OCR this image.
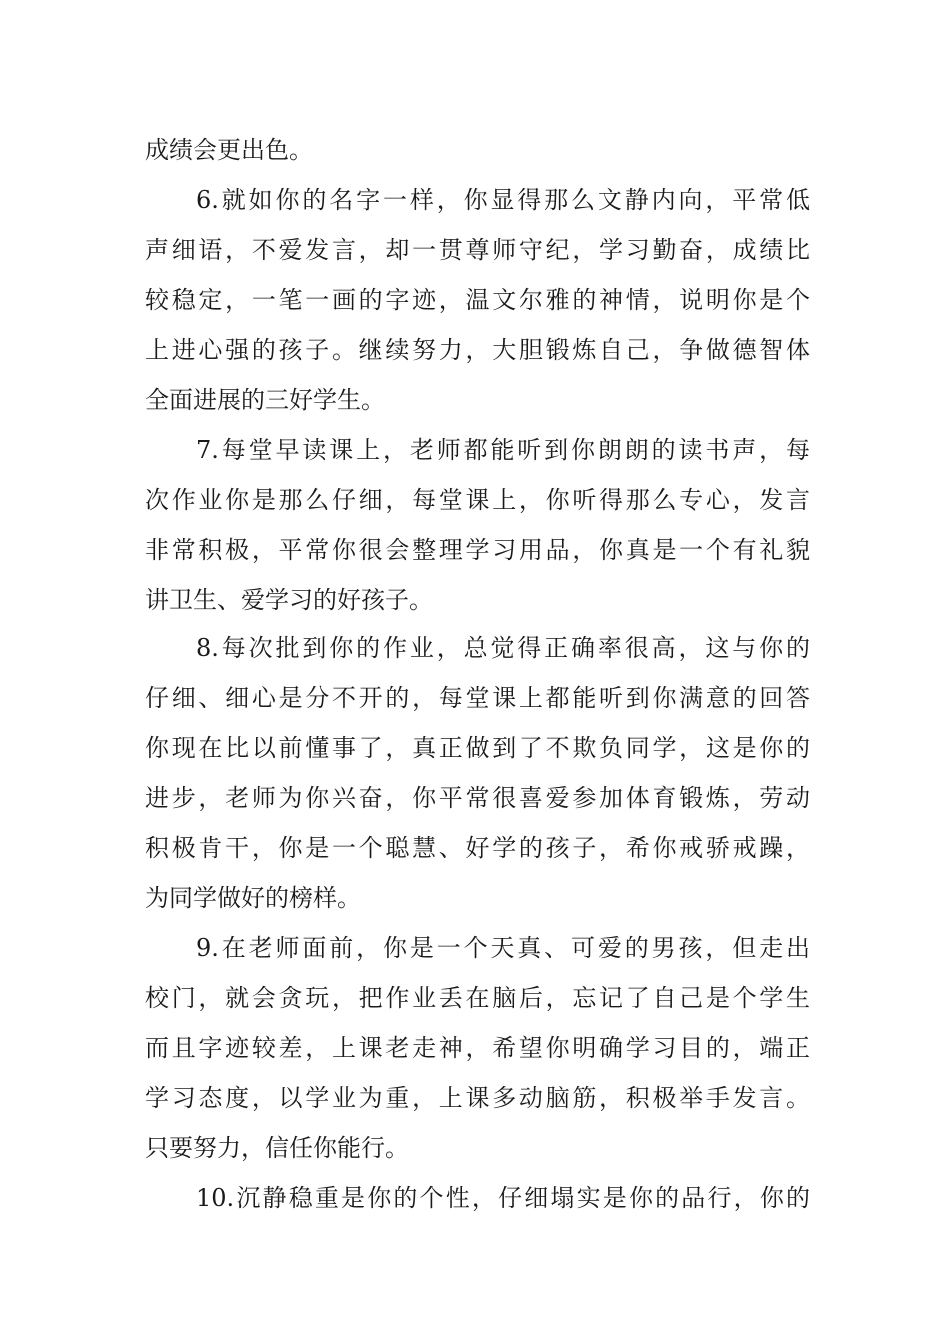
成绩会更出色。
6.就如你的名字一样，你显得那么文静内向，平常低
声细语，不爱发言，却一贯尊师守纪，学习勤奋，成绩比
较稳定，一笔一画的字迹，温文尔雅的神情，说明你是个
上进心强的孩子。继续努力，大胆锻炼自己，争做德智体
全面进展的三好学生。
7.每堂早读课上，老师都能听到你朗朗的读书声，每
次作业你是那么仔细，每堂课上，你听得那么专心，发言
非常积极，平常你很会整理学习用品，你真是一个有礼貌
讲卫生、爱学习的好孩子。
8.每次批到你的作业，总觉得正确率很高，这与你的
仔细、细心是分不开的，每堂课上都能听到你满意的回答
你现在比以前懂事了，真正做到了不欺负同学，这是你的
进步，老师为你兴奋，你平常很喜爱参加体育锻炼，劳动
积极肯干，你是一个聪慧、好学的孩子，希你戒骄戒躁，
为同学做好的榜样。
9.在老师面前，你是一个天真、可爱的男孩，但走出
校门，就会贪玩，把作业丢在脑后，忘记了自己是个学生
而且字迹较差，上课老走神，希望你明确学习目的，端正
学习态度，以学业为重，上课多动脑筋，积极举手发言。
只要努力，信任你能行。
10.沉静稳重是你的个性，仔细塌实是你的品行，你的
